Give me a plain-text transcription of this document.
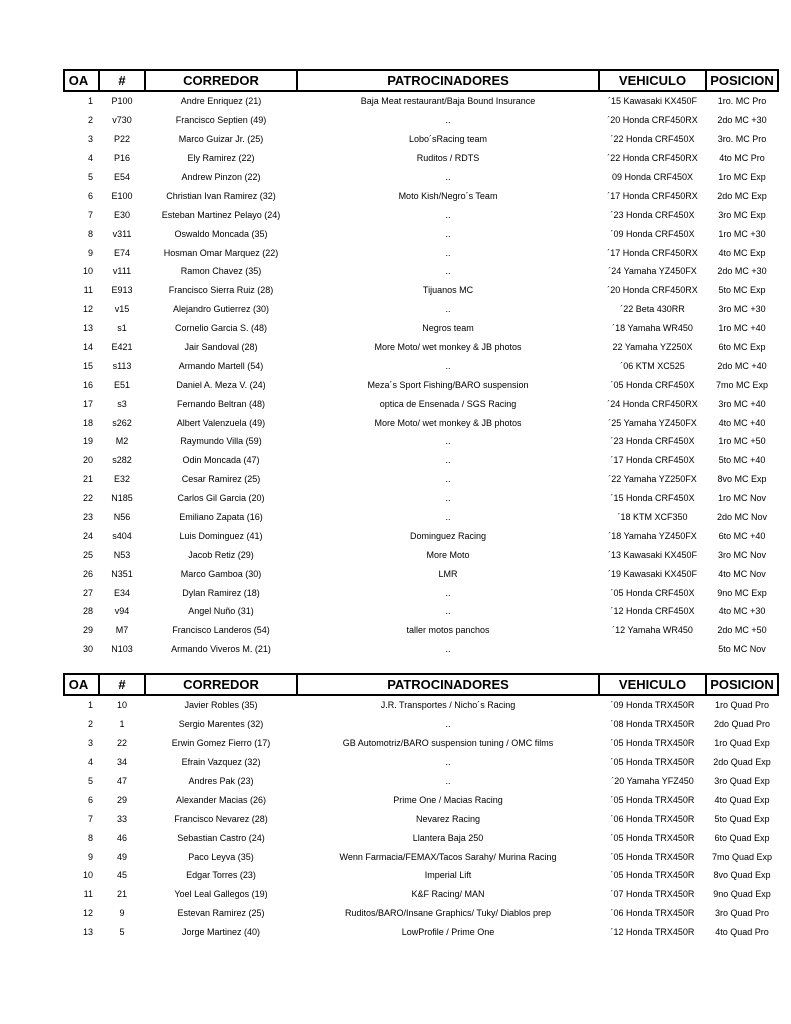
OA	#	CORREDOR	PATROCINADORES	VEHICULO	POSICION
1	P100	Andre Enriquez (21)	Baja Meat restaurant/Baja Bound Insurance	´15 Kawasaki KX450F	1ro. MC Pro
2	v730	Francisco Septien (49)	..	´20 Honda CRF450RX	2do MC +30
3	P22	Marco Guizar Jr. (25)	Lobo´sRacing team	´22 Honda CRF450X	3ro. MC Pro
4	P16	Ely Ramirez (22)	Ruditos / RDTS	´22 Honda CRF450RX	4to MC Pro
5	E54	Andrew Pinzon (22)	..	09 Honda CRF450X	1ro MC Exp
6	E100	Christian Ivan Ramirez (32)	Moto Kish/Negro´s Team	´17 Honda CRF450RX	2do MC Exp
7	E30	Esteban Martinez Pelayo (24)	..	´23 Honda CRF450X	3ro MC Exp
8	v311	Oswaldo Moncada (35)	..	´09 Honda CRF450X	1ro MC +30
9	E74	Hosman Omar Marquez (22)	..	´17 Honda CRF450RX	4to MC Exp
10	v111	Ramon Chavez (35)	..	´24 Yamaha YZ450FX	2do MC +30
11	E913	Francisco Sierra Ruiz (28)	Tijuanos MC	´20 Honda CRF450RX	5to MC Exp
12	v15	Alejandro Gutierrez (30)	..	´22 Beta 430RR	3ro MC +30
13	s1	Cornelio Garcia S. (48)	Negros team	´18 Yamaha WR450	1ro MC +40
14	E421	Jair Sandoval (28)	More Moto/ wet monkey & JB photos	22 Yamaha YZ250X	6to MC Exp
15	s113	Armando Martell (54)	..	´06 KTM XC525	2do MC +40
16	E51	Daniel A. Meza V. (24)	Meza´s Sport Fishing/BARO suspension	´05 Honda CRF450X	7mo MC Exp
17	s3	Fernando Beltran (48)	optica de Ensenada / SGS Racing	´24 Honda CRF450RX	3ro MC +40
18	s262	Albert Valenzuela (49)	More Moto/ wet monkey & JB photos	´25 Yamaha YZ450FX	4to MC +40
19	M2	Raymundo Villa (59)	..	´23 Honda CRF450X	1ro MC +50
20	s282	Odin Moncada (47)	..	´17 Honda CRF450X	5to MC +40
21	E32	Cesar Ramirez (25)	..	´22 Yamaha YZ250FX	8vo MC Exp
22	N185	Carlos Gil Garcia (20)	..	´15 Honda CRF450X	1ro MC Nov
23	N56	Emiliano Zapata (16)	..	´18 KTM XCF350	2do MC Nov
24	s404	Luis Dominguez (41)	Dominguez Racing	´18 Yamaha YZ450FX	6to MC +40
25	N53	Jacob Retiz (29)	More Moto	´13 Kawasaki KX450F	3ro MC Nov
26	N351	Marco Gamboa (30)	LMR	´19 Kawasaki KX450F	4to MC Nov
27	E34	Dylan Ramirez (18)	..	´05 Honda CRF450X	9no MC Exp
28	v94	Angel Nuño (31)	..	´12 Honda CRF450X	4to MC +30
29	M7	Francisco Landeros (54)	taller motos panchos	´12 Yamaha WR450	2do MC +50
30	N103	Armando Viveros M. (21)	..		5to MC Nov
OA	#	CORREDOR	PATROCINADORES	VEHICULO	POSICION
1	10	Javier Robles (35)	J.R. Transportes / Nicho´s Racing	´09 Honda TRX450R	1ro Quad Pro
2	1	Sergio Marentes (32)	..	´08 Honda TRX450R	2do Quad Pro
3	22	Erwin Gomez Fierro (17)	GB Automotriz/BARO suspension tuning / OMC films	´05 Honda TRX450R	1ro Quad Exp
4	34	Efrain Vazquez (32)	..	´05 Honda TRX450R	2do Quad Exp
5	47	Andres Pak (23)	..	´20 Yamaha YFZ450	3ro Quad Exp
6	29	Alexander Macias (26)	Prime One / Macias Racing	´05 Honda TRX450R	4to Quad Exp
7	33	Francisco Nevarez (28)	Nevarez Racing	´06 Honda TRX450R	5to Quad Exp
8	46	Sebastian Castro (24)	Llantera Baja 250	´05 Honda TRX450R	6to Quad Exp
9	49	Paco Leyva (35)	Wenn Farmacia/FEMAX/Tacos Sarahy/ Murina Racing	´05 Honda TRX450R	7mo Quad Exp
10	45	Edgar Torres (23)	Imperial Lift	´05 Honda TRX450R	8vo Quad Exp
11	21	Yoel Leal Gallegos (19)	K&F Racing/ MAN	´07 Honda TRX450R	9no Quad Exp
12	9	Estevan Ramirez (25)	Ruditos/BARO/Insane Graphics/ Tuky/ Diablos prep	´06 Honda TRX450R	3ro Quad Pro
13	5	Jorge Martinez (40)	LowProfile / Prime One	´12 Honda TRX450R	4to Quad Pro
